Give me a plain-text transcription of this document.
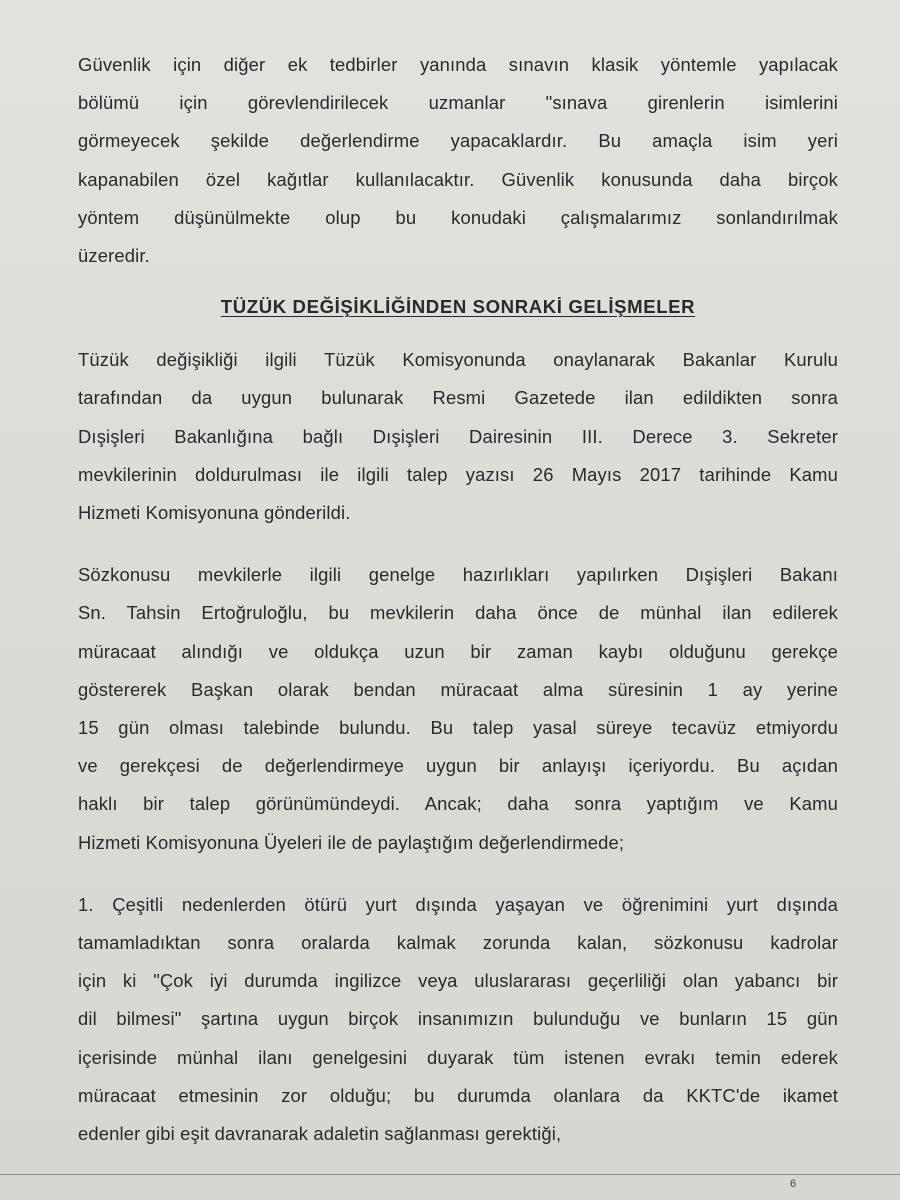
Güvenlik için diğer ek tedbirler yanında sınavın klasik yöntemle yapılacak
bölümü için görevlendirilecek uzmanlar "sınava girenlerin isimlerini
görmeyecek şekilde değerlendirme yapacaklardır. Bu amaçla isim yeri
kapanabilen özel kağıtlar kullanılacaktır. Güvenlik konusunda daha birçok
yöntem düşünülmekte olup bu konudaki çalışmalarımız sonlandırılmak
üzeredir.

TÜZÜK DEĞİŞİKLİĞİNDEN SONRAKİ GELİŞMELER

Tüzük değişikliği ilgili Tüzük Komisyonunda onaylanarak Bakanlar Kurulu
tarafından da uygun bulunarak Resmi Gazetede ilan edildikten sonra
Dışişleri Bakanlığına bağlı Dışişleri Dairesinin III. Derece 3. Sekreter
mevkilerinin doldurulması ile ilgili talep yazısı 26 Mayıs 2017 tarihinde Kamu
Hizmeti Komisyonuna gönderildi.

Sözkonusu mevkilerle ilgili genelge hazırlıkları yapılırken Dışişleri Bakanı
Sn. Tahsin Ertoğruloğlu, bu mevkilerin daha önce de münhal ilan edilerek
müracaat alındığı ve oldukça uzun bir zaman kaybı olduğunu gerekçe
göstererek Başkan olarak bendan müracaat alma süresinin 1 ay yerine
15 gün olması talebinde bulundu. Bu talep yasal süreye tecavüz etmiyordu
ve gerekçesi de değerlendirmeye uygun bir anlayışı içeriyordu. Bu açıdan
haklı bir talep görünümündeydi. Ancak; daha sonra yaptığım ve Kamu
Hizmeti Komisyonuna Üyeleri ile de paylaştığım değerlendirmede;

1. Çeşitli nedenlerden ötürü yurt dışında yaşayan ve öğrenimini yurt dışında
tamamladıktan sonra oralarda kalmak zorunda kalan, sözkonusu kadrolar
için ki "Çok iyi durumda ingilizce veya uluslararası geçerliliği olan yabancı bir
dil bilmesi" şartına uygun birçok insanımızın bulunduğu ve bunların 15 gün
içerisinde münhal ilanı genelgesini duyarak tüm istenen evrakı temin ederek
müracaat etmesinin zor olduğu; bu durumda olanlara da KKTC'de ikamet
edenler gibi eşit davranarak adaletin sağlanması gerektiği,

6
